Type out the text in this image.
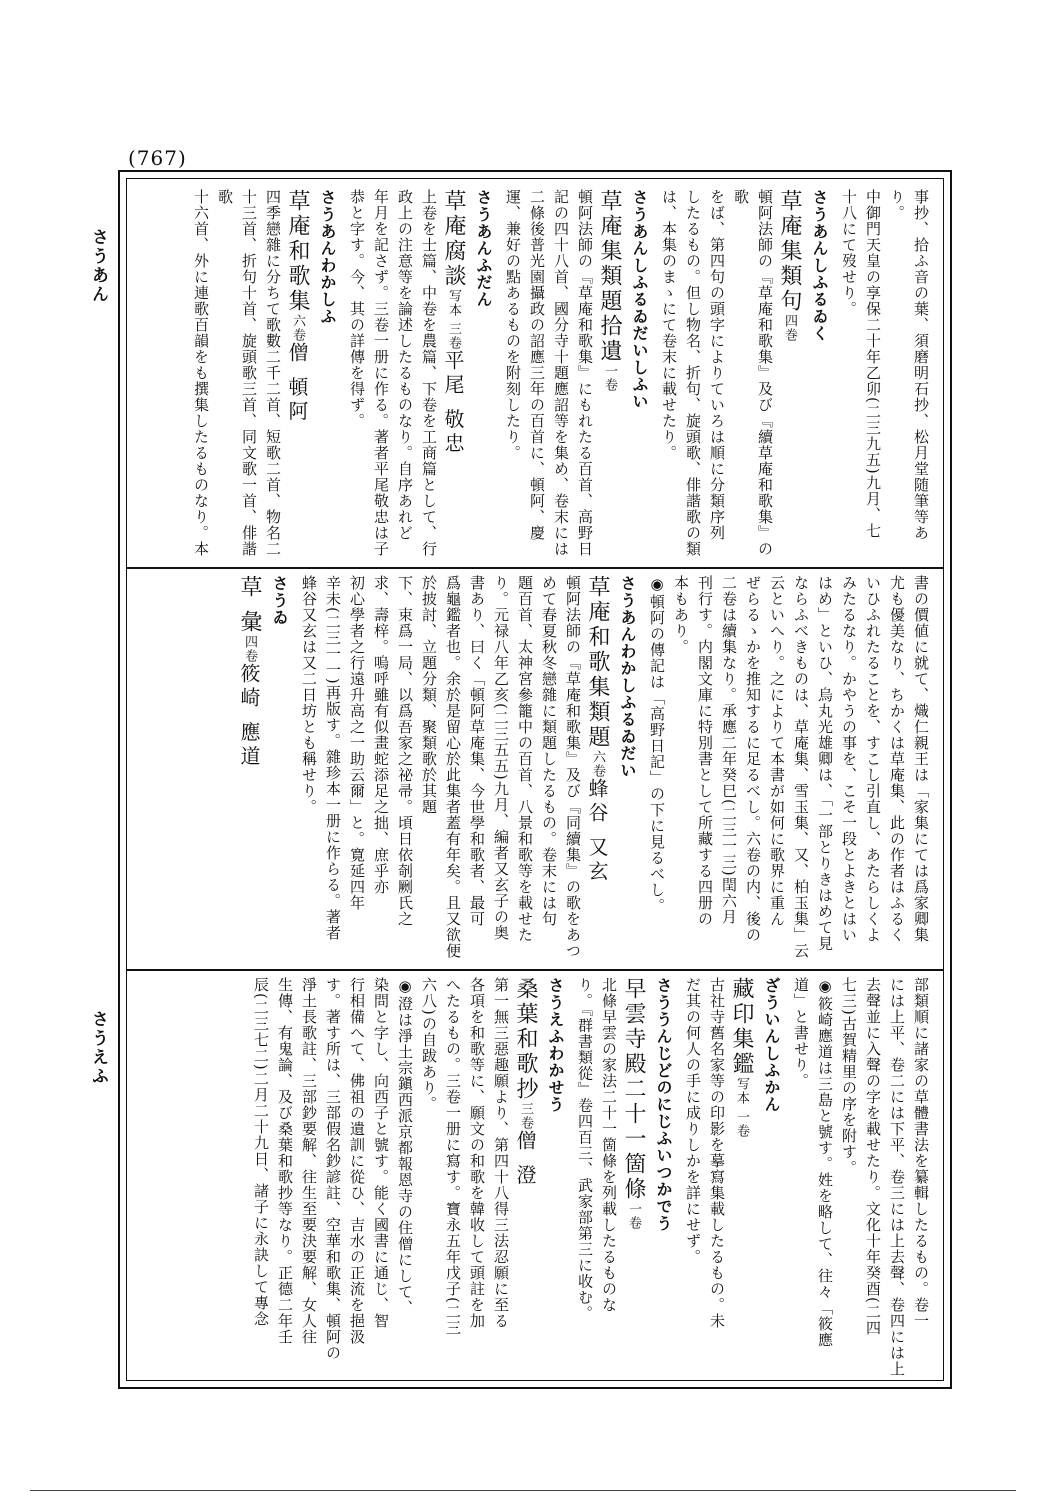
(767)
さうあん
さうえふ

事抄、拾ふ音の葉、須磨明石抄、松月堂随筆等あり。

中御門天皇の享保二十年乙卯(二三九五)九月、七

十八にて歿せり。

さうあんしふるゐく

草庵集類句四巻

頓阿法師の『草庵和歌集』及び『續草庵和歌集』の歌

をば、第四句の頭字によりていろは順に分類序列

したるもの。但し物名、折句、旋頭歌、俳諧歌の類

は、本集のまゝにて卷末に載せたり。

さうあんしふるゐだいしふい

草庵集類題拾遺一卷

頓阿法師の『草庵和歌集』にもれたる百首、高野日

記の四十八首、國分寺十題應詔等を集め、卷末には

二條後普光園攝政の詔應三年の百首に、頓阿、慶

運、兼好の點あるものを附刻したり。

さうあんふだん

草庵腐談写本 三卷平尾 敬忠

上卷を士篇、中卷を農篇、下卷を工商篇として、行

政上の注意等を論述したるものなり。自序あれど

年月を記さず。三卷一册に作る。著者平尾敬忠は子

恭と字す。今、其の詳傳を得ず。

さうあんわかしふ

草庵和歌集六卷僧 頓阿

四季戀雜に分ちて歌數二千二首、短歌二首、物名二

十三首、折句十首、旋頭歌三首、同文歌一首、俳諧歌

十六首、外に連歌百韻をも撰集したるものなり。本

書の價値に就て、熾仁親王は「家集にては爲家卿集

尤も優美なり、ちかくは草庵集、此の作者はふるく

いひふれたることを、すこし引直し、あたらしくよ

みたるなり。かやうの事を、こそ一段とよきとはい

はめ」といひ、烏丸光雄卿は、「一部とりきはめて見

ならふべきものは、草庵集、雪玉集、又、柏玉集」云

云といへり。之によりて本書が如何に歌界に重ん

ぜらるゝかを推知するに足るべし。六卷の内、後の

二卷は續集なり。承應二年癸巳(二三一三)閏六月

刊行す。内閣文庫に特別書として所藏する四册の

本もあり。

◉頓阿の傳記は「高野日記」の下に見るべし。

さうあんわかしふるゐだい

草庵和歌集類題六卷蜂谷 又玄

頓阿法師の『草庵和歌集』及び『同續集』の歌をあつ

めて春夏秋冬戀雜に類題したるもの。卷末には句

題百首、太神宮參籠中の百首、八景和歌等を載せた

り。元禄八年乙亥(二三五五)九月、編者又玄子の奥

書あり、曰く「頓阿草庵集、今世學和歌者、最可

爲龜鑑者也。余於是留心於此集者蓋有年矣。且又欲便於披討、立題分類、聚類歌於其題

下、束爲一局、以爲吾家之祕帚。頃日依剞劂氏之

求、壽梓。嗚呼雖有似畫蛇添足之拙、庶乎亦

初心學者之行遠升高之一助云爾」と。寛延四年

辛未(二三一一)再版す。雜珍本一册に作らる。著者

蜂谷又玄は又二日坊とも稱せり。

さうゐ

草 彙四卷筱崎 應道

部類順に諸家の草體書法を纂輯したるもの。卷一

には上平、卷二には下平、卷三には上去聲、卷四には上

去聲並に入聲の字を載せたり。文化十年癸酉(二四

七三)古賀精里の序を附す。

◉筱崎應道は三島と號す。姓を略して、往々「筱應

道」と書せり。

ざういんしふかん

藏印集鑑写本 一卷

古社寺舊名家等の印影を摹寫集載したるもの。未

だ其の何人の手に成りしかを詳にせず。

さううんじどのにじふいつかでう

早雲寺殿二十一箇條一卷

北條早雲の家法二十一箇條を列載したるものな

り。『群書類從』卷四百三、武家部第三に收む。

さうえふわかせう

桑葉和歌抄三卷僧 澄

第一無三惡趣願より、第四十八得三法忍願に至る

各項を和歌等に、願文の和歌を韓收して頭註を加

へたるもの。三卷一册に寫す。寶永五年戊子(二三

六八)の自跋あり。

◉澄は淨土宗鎭西派京都報恩寺の住僧にして、

染問と字し、向西子と號す。能く國書に通じ、智

行相備へて、佛祖の遺訓に從ひ、吉水の正流を挹汲

す。著す所は、三部假名鈔諺註、空華和歌集、頓阿の

淨土長歌註、三部鈔要解、往生至要決要解、女人往

生傳、有鬼論、及び桑葉和歌抄等なり。正德二年壬

辰(二三七二)二月二十九日、諸子に永訣して專念
